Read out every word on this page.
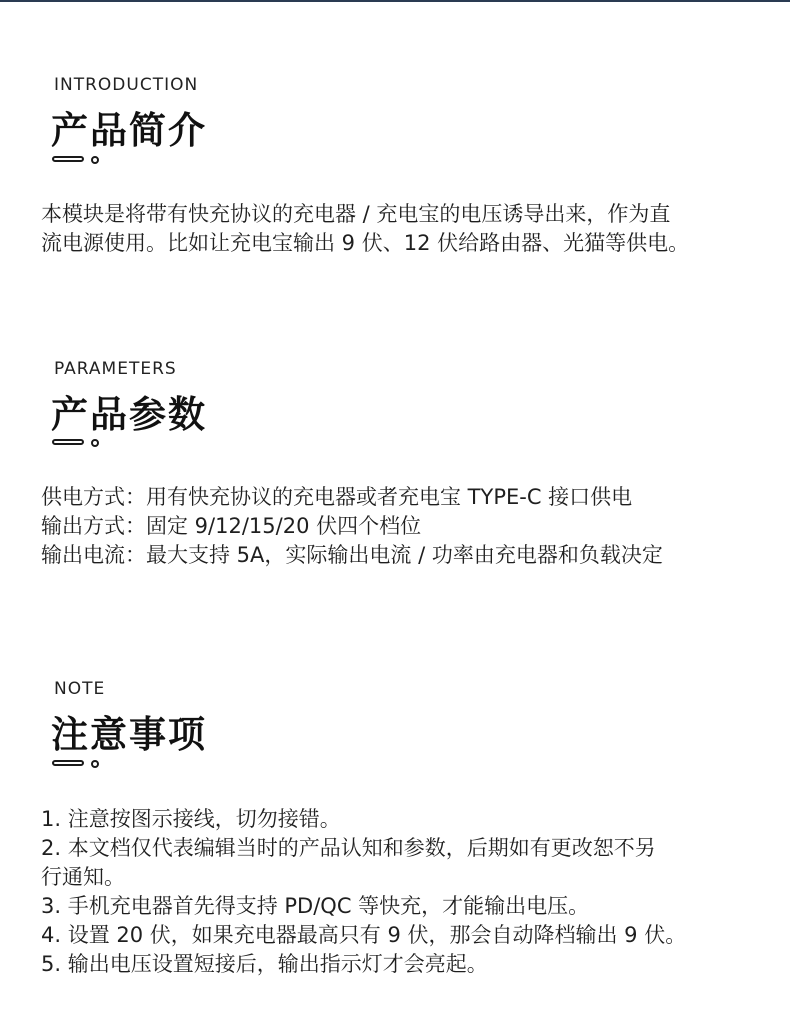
INTRODUCTION
产品简介
本模块是将带有快充协议的充电器 / 充电宝的电压诱导出来，作为直
流电源使用。比如让充电宝输出 9 伏、12 伏给路由器、光猫等供电。
PARAMETERS
产品参数
供电方式：用有快充协议的充电器或者充电宝 TYPE-C 接口供电
输出方式：固定 9/12/15/20 伏四个档位
输出电流：最大支持 5A，实际输出电流 / 功率由充电器和负载决定
NOTE
注意事项
1. 注意按图示接线，切勿接错。
2. 本文档仅代表编辑当时的产品认知和参数，后期如有更改恕不另
行通知。
3. 手机充电器首先得支持 PD/QC 等快充，才能输出电压。
4. 设置 20 伏，如果充电器最高只有 9 伏，那会自动降档输出 9 伏。
5. 输出电压设置短接后，输出指示灯才会亮起。
